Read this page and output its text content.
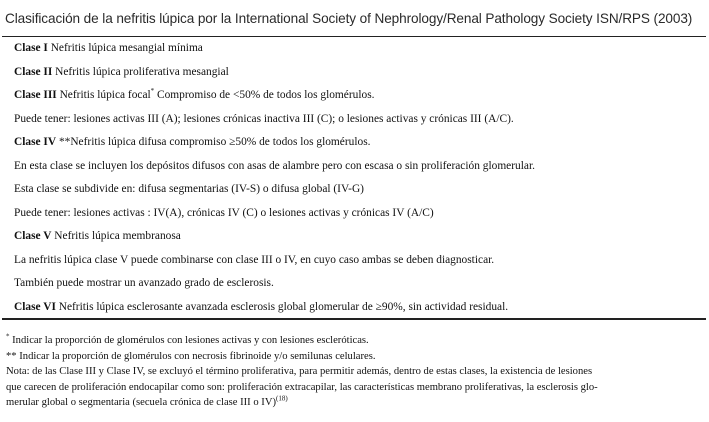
Clasificación de la nefritis lúpica por la International Society of Nephrology/Renal Pathology Society ISN/RPS (2003)
Clase I Nefritis lúpica mesangial mínima
Clase II Nefritis lúpica proliferativa mesangial
Clase III Nefritis lúpica focal* Compromiso de <50% de todos los glomérulos.
Puede tener: lesiones activas III (A); lesiones crónicas inactiva III (C); o lesiones activas y crónicas III (A/C).
Clase IV **Nefritis lúpica difusa compromiso ≥50% de todos los glomérulos.
En esta clase se incluyen los depósitos difusos con asas de alambre pero con escasa o sin proliferación glomerular.
Esta clase se subdivide en: difusa segmentarias (IV-S) o difusa global (IV-G)
Puede tener: lesiones activas : IV(A), crónicas IV (C) o lesiones activas y crónicas IV (A/C)
Clase V Nefritis lúpica membranosa
La nefritis lúpica clase V puede combinarse con clase III o IV, en cuyo caso ambas se deben diagnosticar.
También puede mostrar un avanzado grado de esclerosis.
Clase VI Nefritis lúpica esclerosante avanzada esclerosis global glomerular de ≥90%, sin actividad residual.
* Indicar la proporción de glomérulos con lesiones activas y con lesiones escleróticas.
** Indicar la proporción de glomérulos con necrosis fibrinoide y/o semilunas celulares.
Nota: de las Clase III y Clase IV, se excluyó el término proliferativa, para permitir además, dentro de estas clases, la existencia de lesiones
que carecen de proliferación endocapilar como son: proliferación extracapilar, las características membrano proliferativas, la esclerosis glo-
merular global o segmentaria (secuela crónica de clase III o IV)$^{(18)}$
